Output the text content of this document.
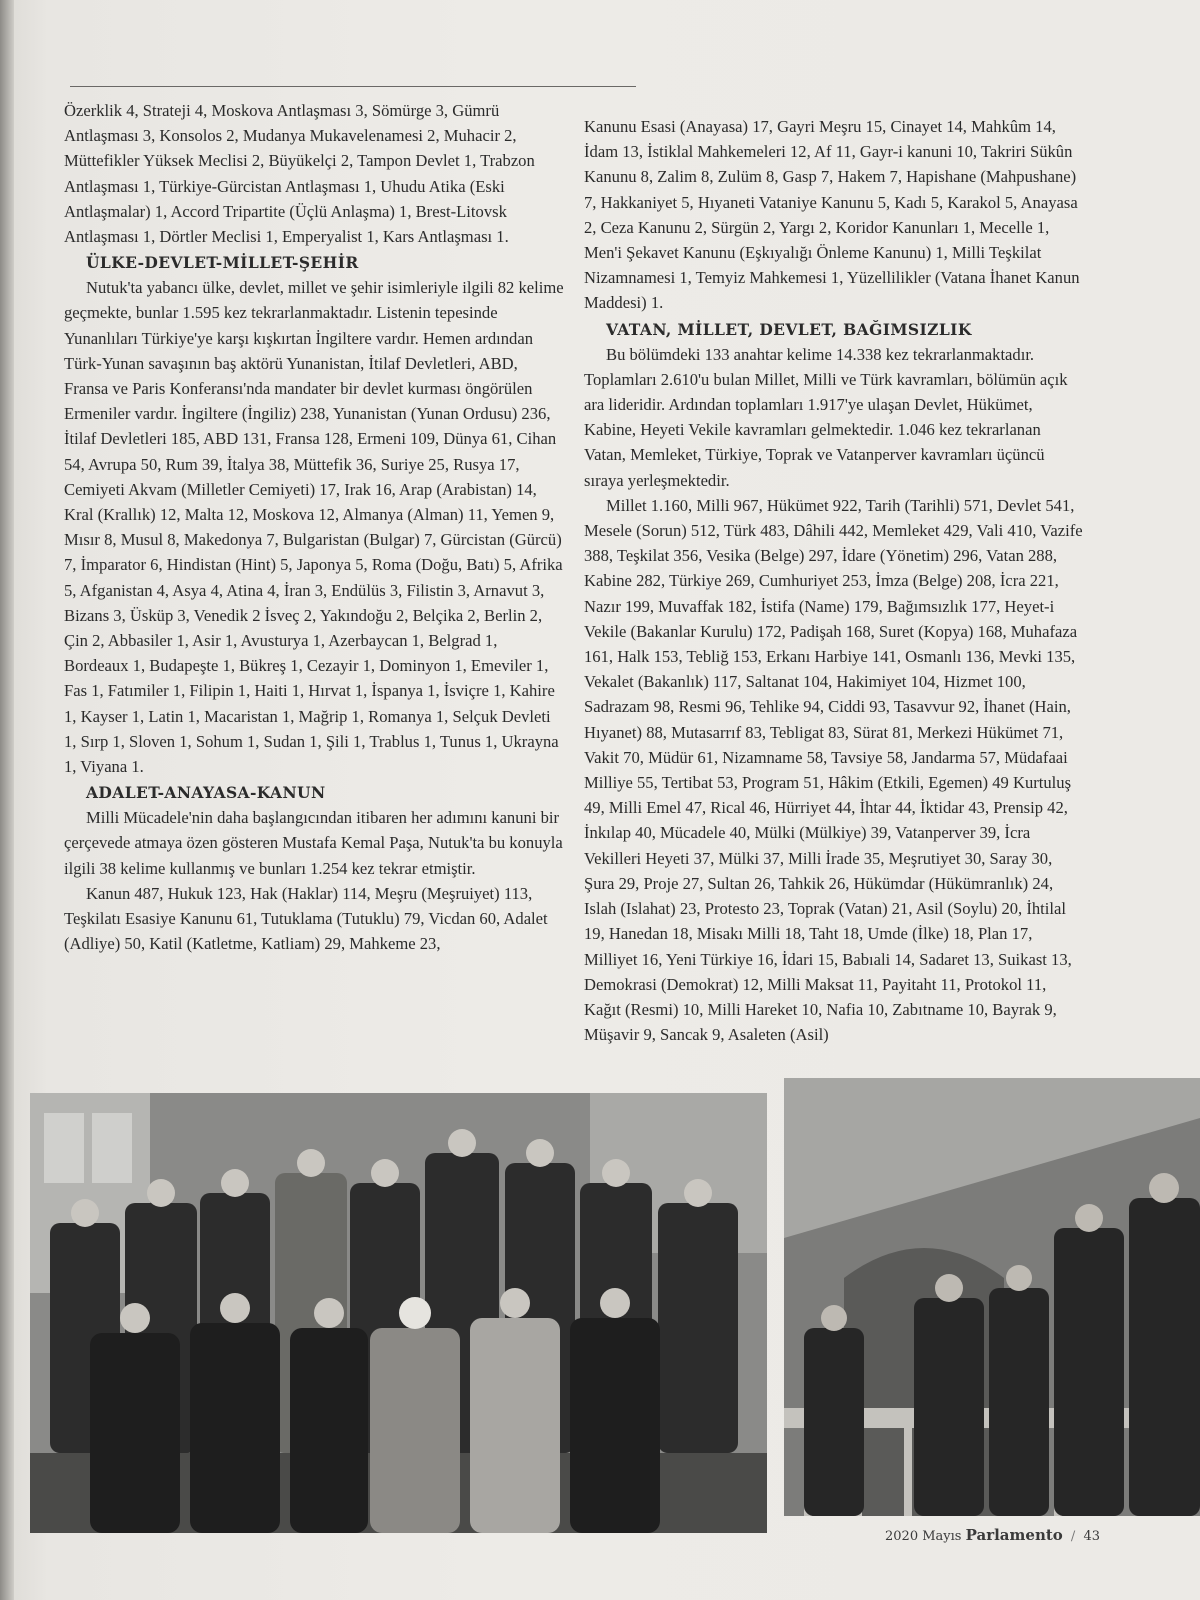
Özerklik 4, Strateji 4, Moskova Antlaşması 3, Sömürge 3, Gümrü Antlaşması 3, Konsolos 2, Mudanya Mukavelenamesi 2, Muhacir 2, Müttefikler Yüksek Meclisi 2, Büyükelçi 2, Tampon Devlet 1, Trabzon Antlaşması 1, Türkiye-Gürcistan Antlaşması 1, Uhudu Atika (Eski Antlaşmalar) 1, Accord Tripartite (Üçlü Anlaşma) 1, Brest-Litovsk Antlaşması 1, Dörtler Meclisi 1, Emperyalist 1, Kars Antlaşması 1.

ÜLKE-DEVLET-MİLLET-ŞEHİR

Nutuk'ta yabancı ülke, devlet, millet ve şehir isimleriyle ilgili 82 kelime geçmekte, bunlar 1.595 kez tekrarlanmaktadır. Listenin tepesinde Yunanlıları Türkiye'ye karşı kışkırtan İngiltere vardır. Hemen ardından Türk-Yunan savaşının baş aktörü Yunanistan, İtilaf Devletleri, ABD, Fransa ve Paris Konferansı'nda mandater bir devlet kurması öngörülen Ermeniler vardır. İngiltere (İngiliz) 238, Yunanistan (Yunan Ordusu) 236, İtilaf Devletleri 185, ABD 131, Fransa 128, Ermeni 109, Dünya 61, Cihan 54, Avrupa 50, Rum 39, İtalya 38, Müttefik 36, Suriye 25, Rusya 17, Cemiyeti Akvam (Milletler Cemiyeti) 17, Irak 16, Arap (Arabistan) 14, Kral (Krallık) 12, Malta 12, Moskova 12, Almanya (Alman) 11, Yemen 9, Mısır 8, Musul 8, Makedonya 7, Bulgaristan (Bulgar) 7, Gürcistan (Gürcü) 7, İmparator 6, Hindistan (Hint) 5, Japonya 5, Roma (Doğu, Batı) 5, Afrika 5, Afganistan 4, Asya 4, Atina 4, İran 3, Endülüs 3, Filistin 3, Arnavut 3, Bizans 3, Üsküp 3, Venedik 2 İsveç 2, Yakındoğu 2, Belçika 2, Berlin 2, Çin 2, Abbasiler 1, Asir 1, Avusturya 1, Azerbaycan 1, Belgrad 1, Bordeaux 1, Budapeşte 1, Bükreş 1, Cezayir 1, Dominyon 1, Emeviler 1, Fas 1, Fatımiler 1, Filipin 1, Haiti 1, Hırvat 1, İspanya 1, İsviçre 1, Kahire 1, Kayser 1, Latin 1, Macaristan 1, Mağrip 1, Romanya 1, Selçuk Devleti 1, Sırp 1, Sloven 1, Sohum 1, Sudan 1, Şili 1, Trablus 1, Tunus 1, Ukrayna 1, Viyana 1.

ADALET-ANAYASA-KANUN

Milli Mücadele'nin daha başlangıcından itibaren her adımını kanuni bir çerçevede atmaya özen gösteren Mustafa Kemal Paşa, Nutuk'ta bu konuyla ilgili 38 kelime kullanmış ve bunları 1.254 kez tekrar etmiştir.

Kanun 487, Hukuk 123, Hak (Haklar) 114, Meşru (Meşruiyet) 113, Teşkilatı Esasiye Kanunu 61, Tutuklama (Tutuklu) 79, Vicdan 60, Adalet (Adliye) 50, Katil (Katletme, Katliam) 29, Mahkeme 23,

Kanunu Esasi (Anayasa) 17, Gayri Meşru 15, Cinayet 14, Mahkûm 14, İdam 13, İstiklal Mahkemeleri 12, Af 11, Gayr-i kanuni 10, Takriri Sükûn Kanunu 8, Zalim 8, Zulüm 8, Gasp 7, Hakem 7, Hapishane (Mahpushane) 7, Hakkaniyet 5, Hıyaneti Vataniye Kanunu 5, Kadı 5, Karakol 5, Anayasa 2, Ceza Kanunu 2, Sürgün 2, Yargı 2, Koridor Kanunları 1, Mecelle 1, Men'i Şekavet Kanunu (Eşkıyalığı Önleme Kanunu) 1, Milli Teşkilat Nizamnamesi 1, Temyiz Mahkemesi 1, Yüzellilikler (Vatana İhanet Kanun Maddesi) 1.

VATAN, MİLLET, DEVLET, BAĞIMSIZLIK

Bu bölümdeki 133 anahtar kelime 14.338 kez tekrarlanmaktadır. Toplamları 2.610'u bulan Millet, Milli ve Türk kavramları, bölümün açık ara lideridir. Ardından toplamları 1.917'ye ulaşan Devlet, Hükümet, Kabine, Heyeti Vekile kavramları gelmektedir. 1.046 kez tekrarlanan Vatan, Memleket, Türkiye, Toprak ve Vatanperver kavramları üçüncü sıraya yerleşmektedir.

Millet 1.160, Milli 967, Hükümet 922, Tarih (Tarihli) 571, Devlet 541, Mesele (Sorun) 512, Türk 483, Dâhili 442, Memleket 429, Vali 410, Vazife 388, Teşkilat 356, Vesika (Belge) 297, İdare (Yönetim) 296, Vatan 288, Kabine 282, Türkiye 269, Cumhuriyet 253, İmza (Belge) 208, İcra 221, Nazır 199, Muvaffak 182, İstifa (Name) 179, Bağımsızlık 177, Heyet-i Vekile (Bakanlar Kurulu) 172, Padişah 168, Suret (Kopya) 168, Muhafaza 161, Halk 153, Tebliğ 153, Erkanı Harbiye 141, Osmanlı 136, Mevki 135, Vekalet (Bakanlık) 117, Saltanat 104, Hakimiyet 104, Hizmet 100, Sadrazam 98, Resmi 96, Tehlike 94, Ciddi 93, Tasavvur 92, İhanet (Hain, Hıyanet) 88, Mutasarrıf 83, Tebligat 83, Sürat 81, Merkezi Hükümet 71, Vakit 70, Müdür 61, Nizamname 58, Tavsiye 58, Jandarma 57, Müdafaai Milliye 55, Tertibat 53, Program 51, Hâkim (Etkili, Egemen) 49 Kurtuluş 49, Milli Emel 47, Rical 46, Hürriyet 44, İhtar 44, İktidar 43, Prensip 42, İnkılap 40, Mücadele 40, Mülki (Mülkiye) 39, Vatanperver 39, İcra Vekilleri Heyeti 37, Mülki 37, Milli İrade 35, Meşrutiyet 30, Saray 30, Şura 29, Proje 27, Sultan 26, Tahkik 26, Hükümdar (Hükümranlık) 24, Islah (Islahat) 23, Protesto 23, Toprak (Vatan) 21, Asil (Soylu) 20, İhtilal 19, Hanedan 18, Misakı Milli 18, Taht 18, Umde (İlke) 18, Plan 17, Milliyet 16, Yeni Türkiye 16, İdari 15, Babıali 14, Sadaret 13, Suikast 13, Demokrasi (Demokrat) 12, Milli Maksat 11, Payitaht 11, Protokol 11, Kağıt (Resmi) 10, Milli Hareket 10, Nafia 10, Zabıtname 10, Bayrak 9, Müşavir 9, Sancak 9, Asaleten (Asil)

2020 Mayıs Parlamento / 43
